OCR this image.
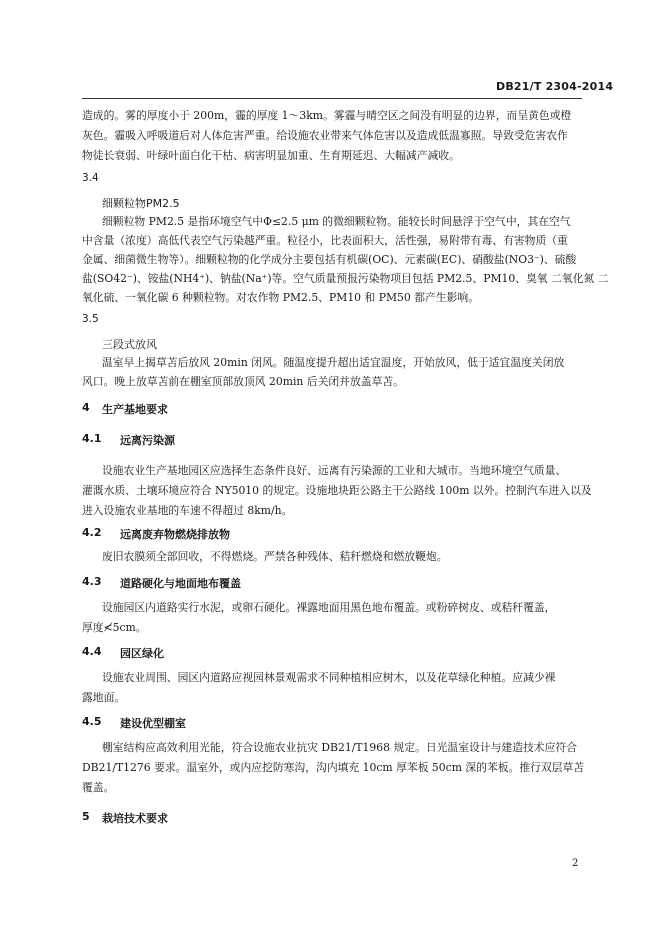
DB21/T 2304-2014
造成的。雾的厚度小于 200m，霾的厚度 1～3km。雾霾与晴空区之间没有明显的边界，而呈黄色或橙
灰色。霾吸入呼吸道后对人体危害严重。给设施农业带来气体危害以及造成低温寡照。导致受危害农作
物徒长衰弱、叶绿叶面白化干枯、病害明显加重、生育期延迟、大幅减产减收。
3.4
细颗粒物PM2.5
细颗粒物 PM2.5 是指环境空气中Φ≤2.5 μm 的微细颗粒物。能较长时间悬浮于空气中，其在空气
中含量（浓度）高低代表空气污染越严重。粒径小，比表面积大，活性强，易附带有毒、有害物质（重
金属、细菌微生物等）。细颗粒物的化学成分主要包括有机碳(OC)、元素碳(EC)、硝酸盐(NO3⁻)、硫酸
盐(SO42⁻)、铵盐(NH4⁺)、钠盐(Na⁺)等。空气质量预报污染物项目包括 PM2.5、PM10、臭氧 二氧化氮 二
氧化硫、一氧化碳 6 种颗粒物。对农作物 PM2.5、PM10 和 PM50 都产生影响。
3.5
三段式放风
温室早上揭草苫后放风 20min 闭风。随温度提升超出适宜温度，开始放风，低于适宜温度关闭放
风口。晚上放草苫前在棚室顶部放顶风 20min 后关闭并放盖草苫。
4 生产基地要求
4.1 远离污染源
设施农业生产基地园区应选择生态条件良好、远离有污染源的工业和大城市。当地环境空气质量、
灌溉水质、土壤环境应符合 NY5010 的规定。设施地块距公路主干公路线 100m 以外。控制汽车进入以及
进入设施农业基地的车速不得超过 8km/h。
4.2 远离废弃物燃烧排放物
废旧农膜须全部回收，不得燃烧。严禁各种残体、秸秆燃烧和燃放鞭炮。
4.3 道路硬化与地面地布覆盖
设施园区内道路实行水泥，或卵石硬化。裸露地面用黑色地布覆盖。或粉碎树皮、或秸秆覆盖，
厚度≮5cm。
4.4 园区绿化
设施农业周围、园区内道路应视园林景观需求不同种植相应树木，以及花草绿化种植。应减少裸
露地面。
4.5 建设优型棚室
棚室结构应高效利用光能，符合设施农业抗灾 DB21/T1968 规定。日光温室设计与建造技术应符合
DB21/T1276 要求。温室外，或内应挖防寒沟，沟内填充 10cm 厚苯板 50cm 深的苯板。推行双层草苫
覆盖。
5 栽培技术要求
2
